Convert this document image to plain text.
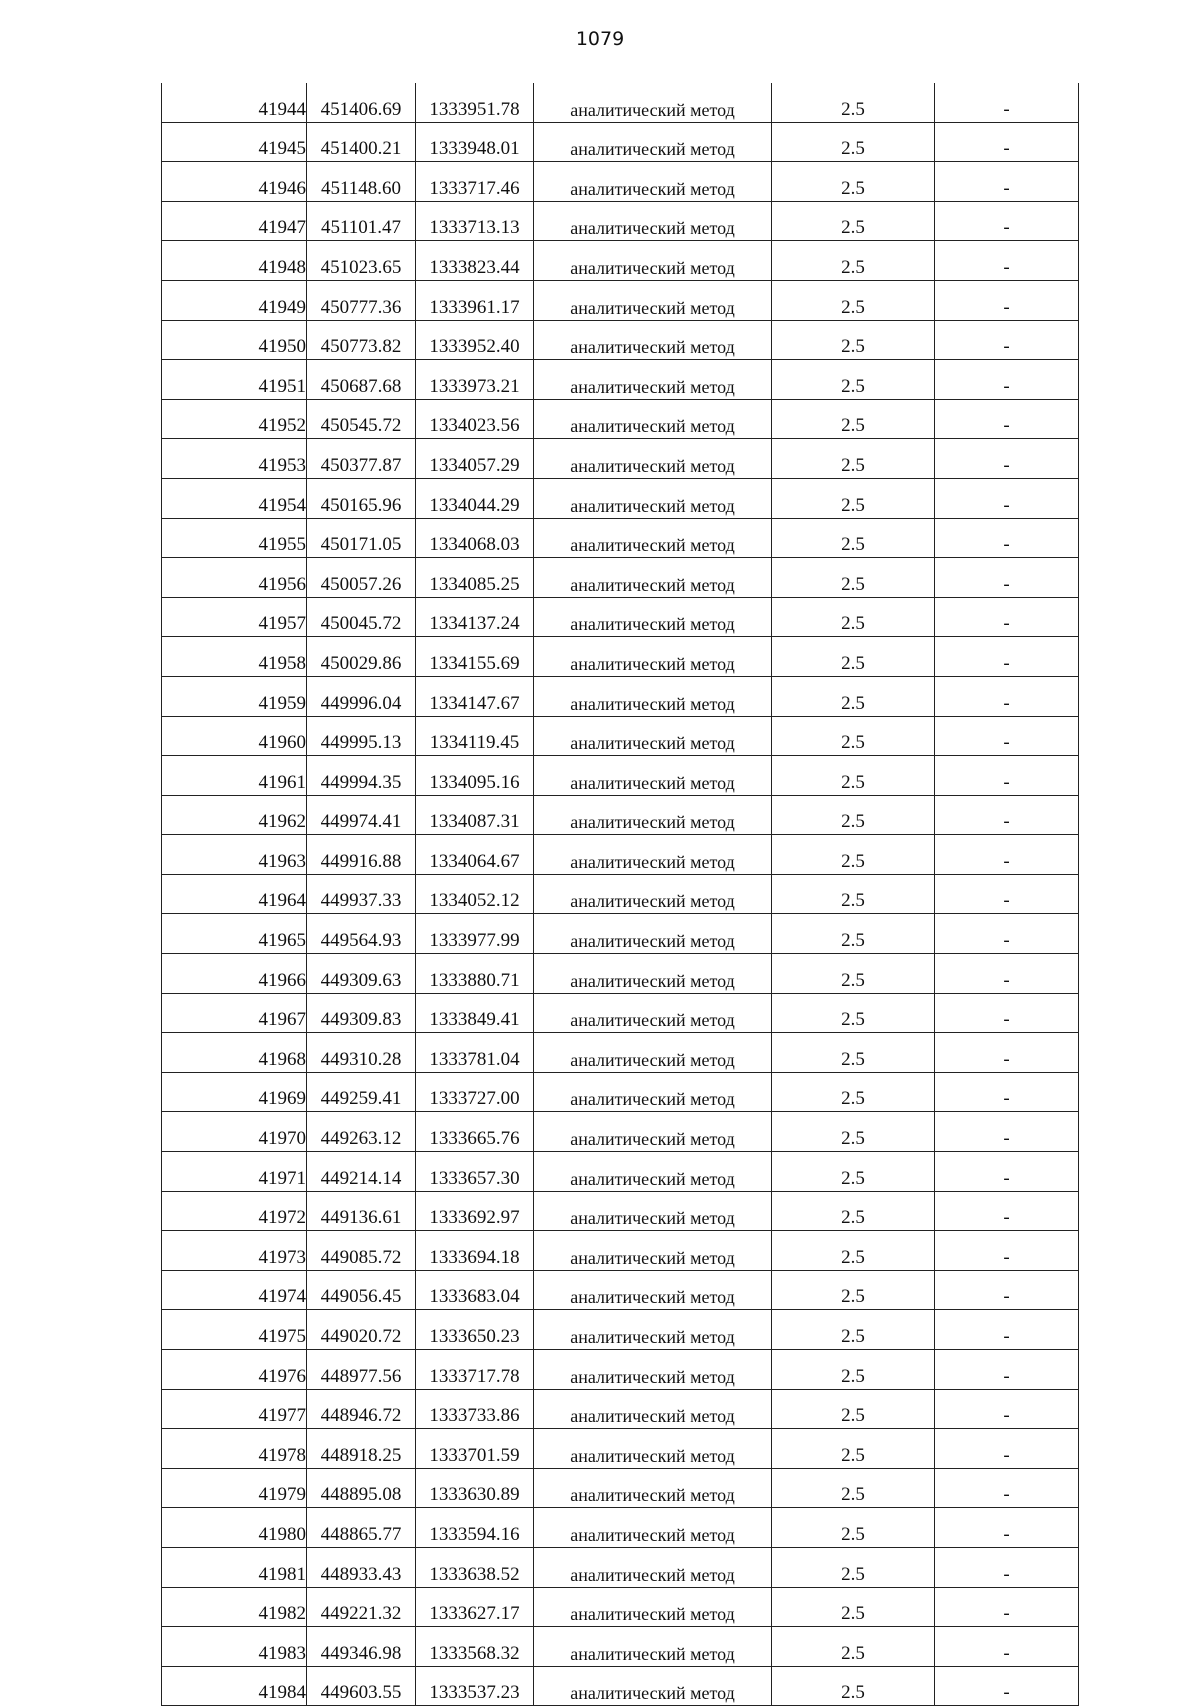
1079
41944	451406.69	1333951.78	аналитический метод	2.5	-
41945	451400.21	1333948.01	аналитический метод	2.5	-
41946	451148.60	1333717.46	аналитический метод	2.5	-
41947	451101.47	1333713.13	аналитический метод	2.5	-
41948	451023.65	1333823.44	аналитический метод	2.5	-
41949	450777.36	1333961.17	аналитический метод	2.5	-
41950	450773.82	1333952.40	аналитический метод	2.5	-
41951	450687.68	1333973.21	аналитический метод	2.5	-
41952	450545.72	1334023.56	аналитический метод	2.5	-
41953	450377.87	1334057.29	аналитический метод	2.5	-
41954	450165.96	1334044.29	аналитический метод	2.5	-
41955	450171.05	1334068.03	аналитический метод	2.5	-
41956	450057.26	1334085.25	аналитический метод	2.5	-
41957	450045.72	1334137.24	аналитический метод	2.5	-
41958	450029.86	1334155.69	аналитический метод	2.5	-
41959	449996.04	1334147.67	аналитический метод	2.5	-
41960	449995.13	1334119.45	аналитический метод	2.5	-
41961	449994.35	1334095.16	аналитический метод	2.5	-
41962	449974.41	1334087.31	аналитический метод	2.5	-
41963	449916.88	1334064.67	аналитический метод	2.5	-
41964	449937.33	1334052.12	аналитический метод	2.5	-
41965	449564.93	1333977.99	аналитический метод	2.5	-
41966	449309.63	1333880.71	аналитический метод	2.5	-
41967	449309.83	1333849.41	аналитический метод	2.5	-
41968	449310.28	1333781.04	аналитический метод	2.5	-
41969	449259.41	1333727.00	аналитический метод	2.5	-
41970	449263.12	1333665.76	аналитический метод	2.5	-
41971	449214.14	1333657.30	аналитический метод	2.5	-
41972	449136.61	1333692.97	аналитический метод	2.5	-
41973	449085.72	1333694.18	аналитический метод	2.5	-
41974	449056.45	1333683.04	аналитический метод	2.5	-
41975	449020.72	1333650.23	аналитический метод	2.5	-
41976	448977.56	1333717.78	аналитический метод	2.5	-
41977	448946.72	1333733.86	аналитический метод	2.5	-
41978	448918.25	1333701.59	аналитический метод	2.5	-
41979	448895.08	1333630.89	аналитический метод	2.5	-
41980	448865.77	1333594.16	аналитический метод	2.5	-
41981	448933.43	1333638.52	аналитический метод	2.5	-
41982	449221.32	1333627.17	аналитический метод	2.5	-
41983	449346.98	1333568.32	аналитический метод	2.5	-
41984	449603.55	1333537.23	аналитический метод	2.5	-
